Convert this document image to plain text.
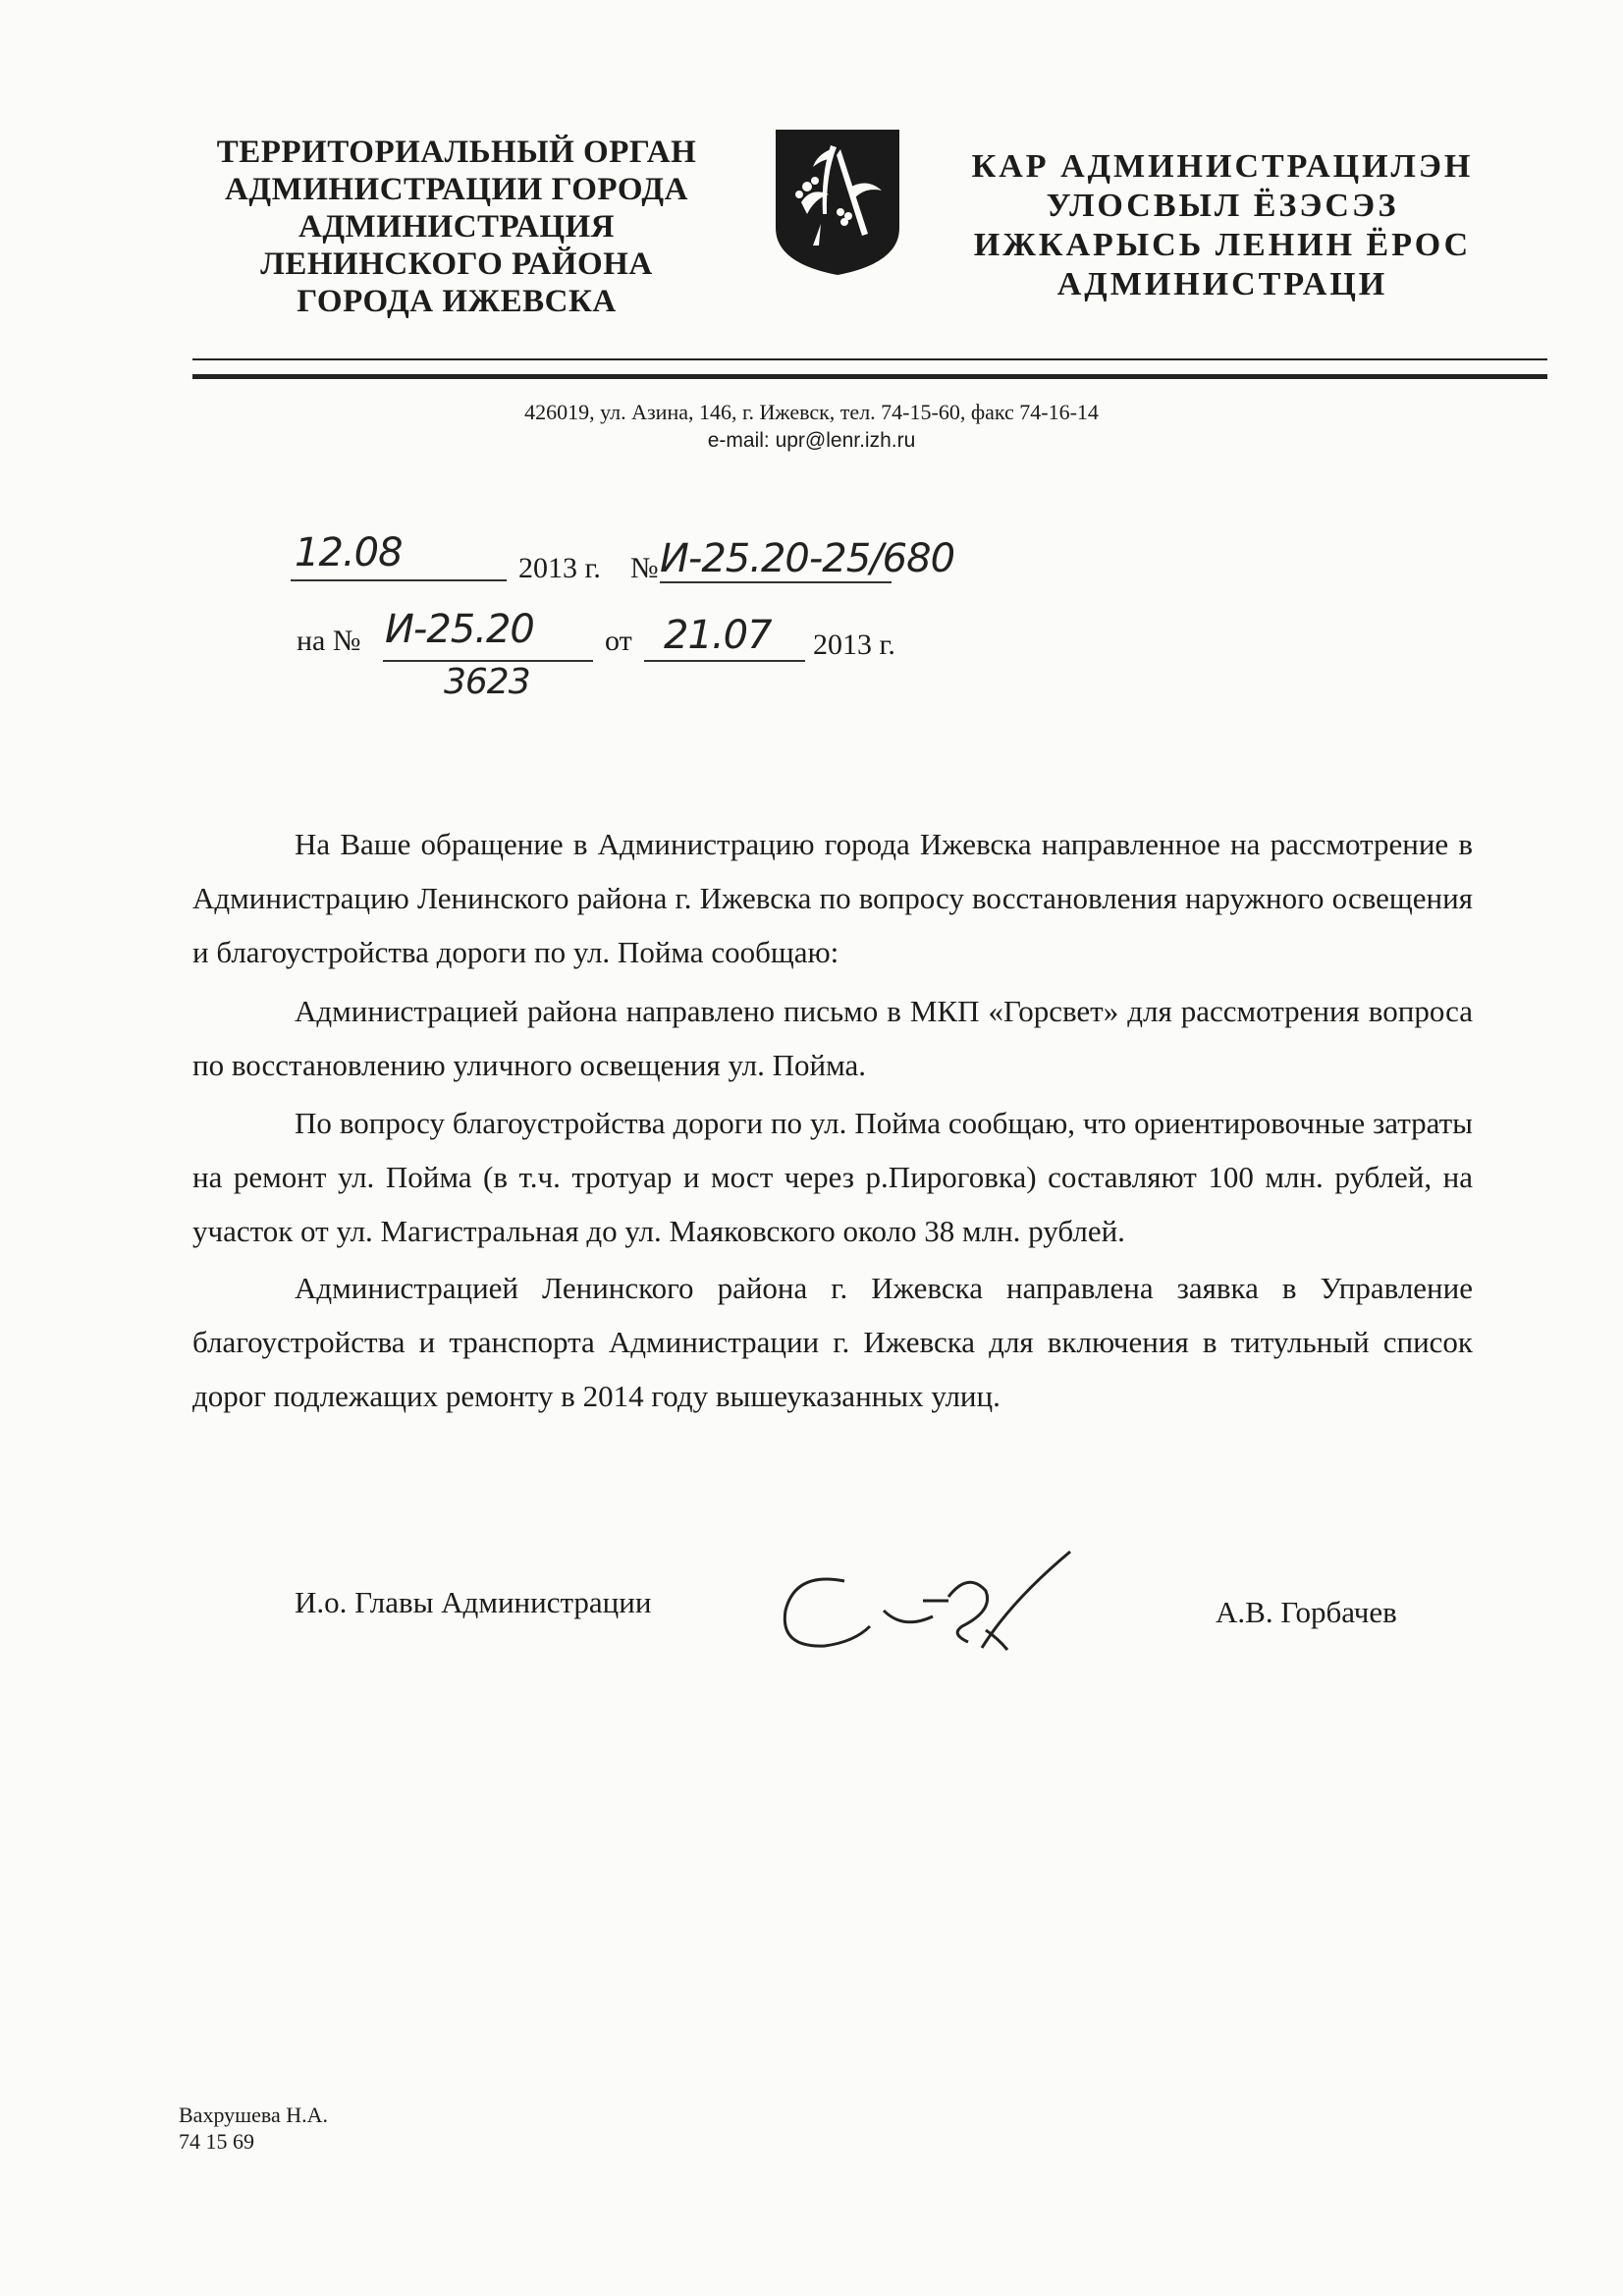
ТЕРРИТОРИАЛЬНЫЙ ОРГАН
АДМИНИСТРАЦИИ ГОРОДА
АДМИНИСТРАЦИЯ
ЛЕНИНСКОГО РАЙОНА
ГОРОДА ИЖЕВСКА
КАР АДМИНИСТРАЦИЛЭН
УЛОСВЫЛ ЁЗЭСЭЗ
ИЖКАРЫСЬ ЛЕНИН ЁРОС
АДМИНИСТРАЦИ
426019, ул. Азина, 146, г. Ижевск, тел. 74-15-60, факс 74-16-14
e-mail: upr@lenr.izh.ru
12.08	2013 г. № И-25.20-25/680
на № И-25.20
3623
от 21.07 2013 г.
На Ваше обращение в Администрацию города Ижевска направленное на рассмотрение в Администрацию Ленинского района г. Ижевска по вопросу восстановления наружного освещения и благоустройства дороги по ул. Пойма сообщаю:
Администрацией района направлено письмо в МКП «Горсвет» для рассмотрения вопроса по восстановлению уличного освещения ул. Пойма.
По вопросу благоустройства дороги по ул. Пойма сообщаю, что ориентировочные затраты на ремонт ул. Пойма (в т.ч. тротуар и мост через р.Пироговка) составляют 100 млн. рублей, на участок от ул. Магистральная до ул. Маяковского около 38 млн. рублей.
Администрацией Ленинского района г. Ижевска направлена заявка в Управление благоустройства и транспорта Администрации г. Ижевска для включения в титульный список дорог подлежащих ремонту в 2014 году вышеуказанных улиц.
И.о. Главы Администрации	А.В. Горбачев
Вахрушева Н.А.
74 15 69
